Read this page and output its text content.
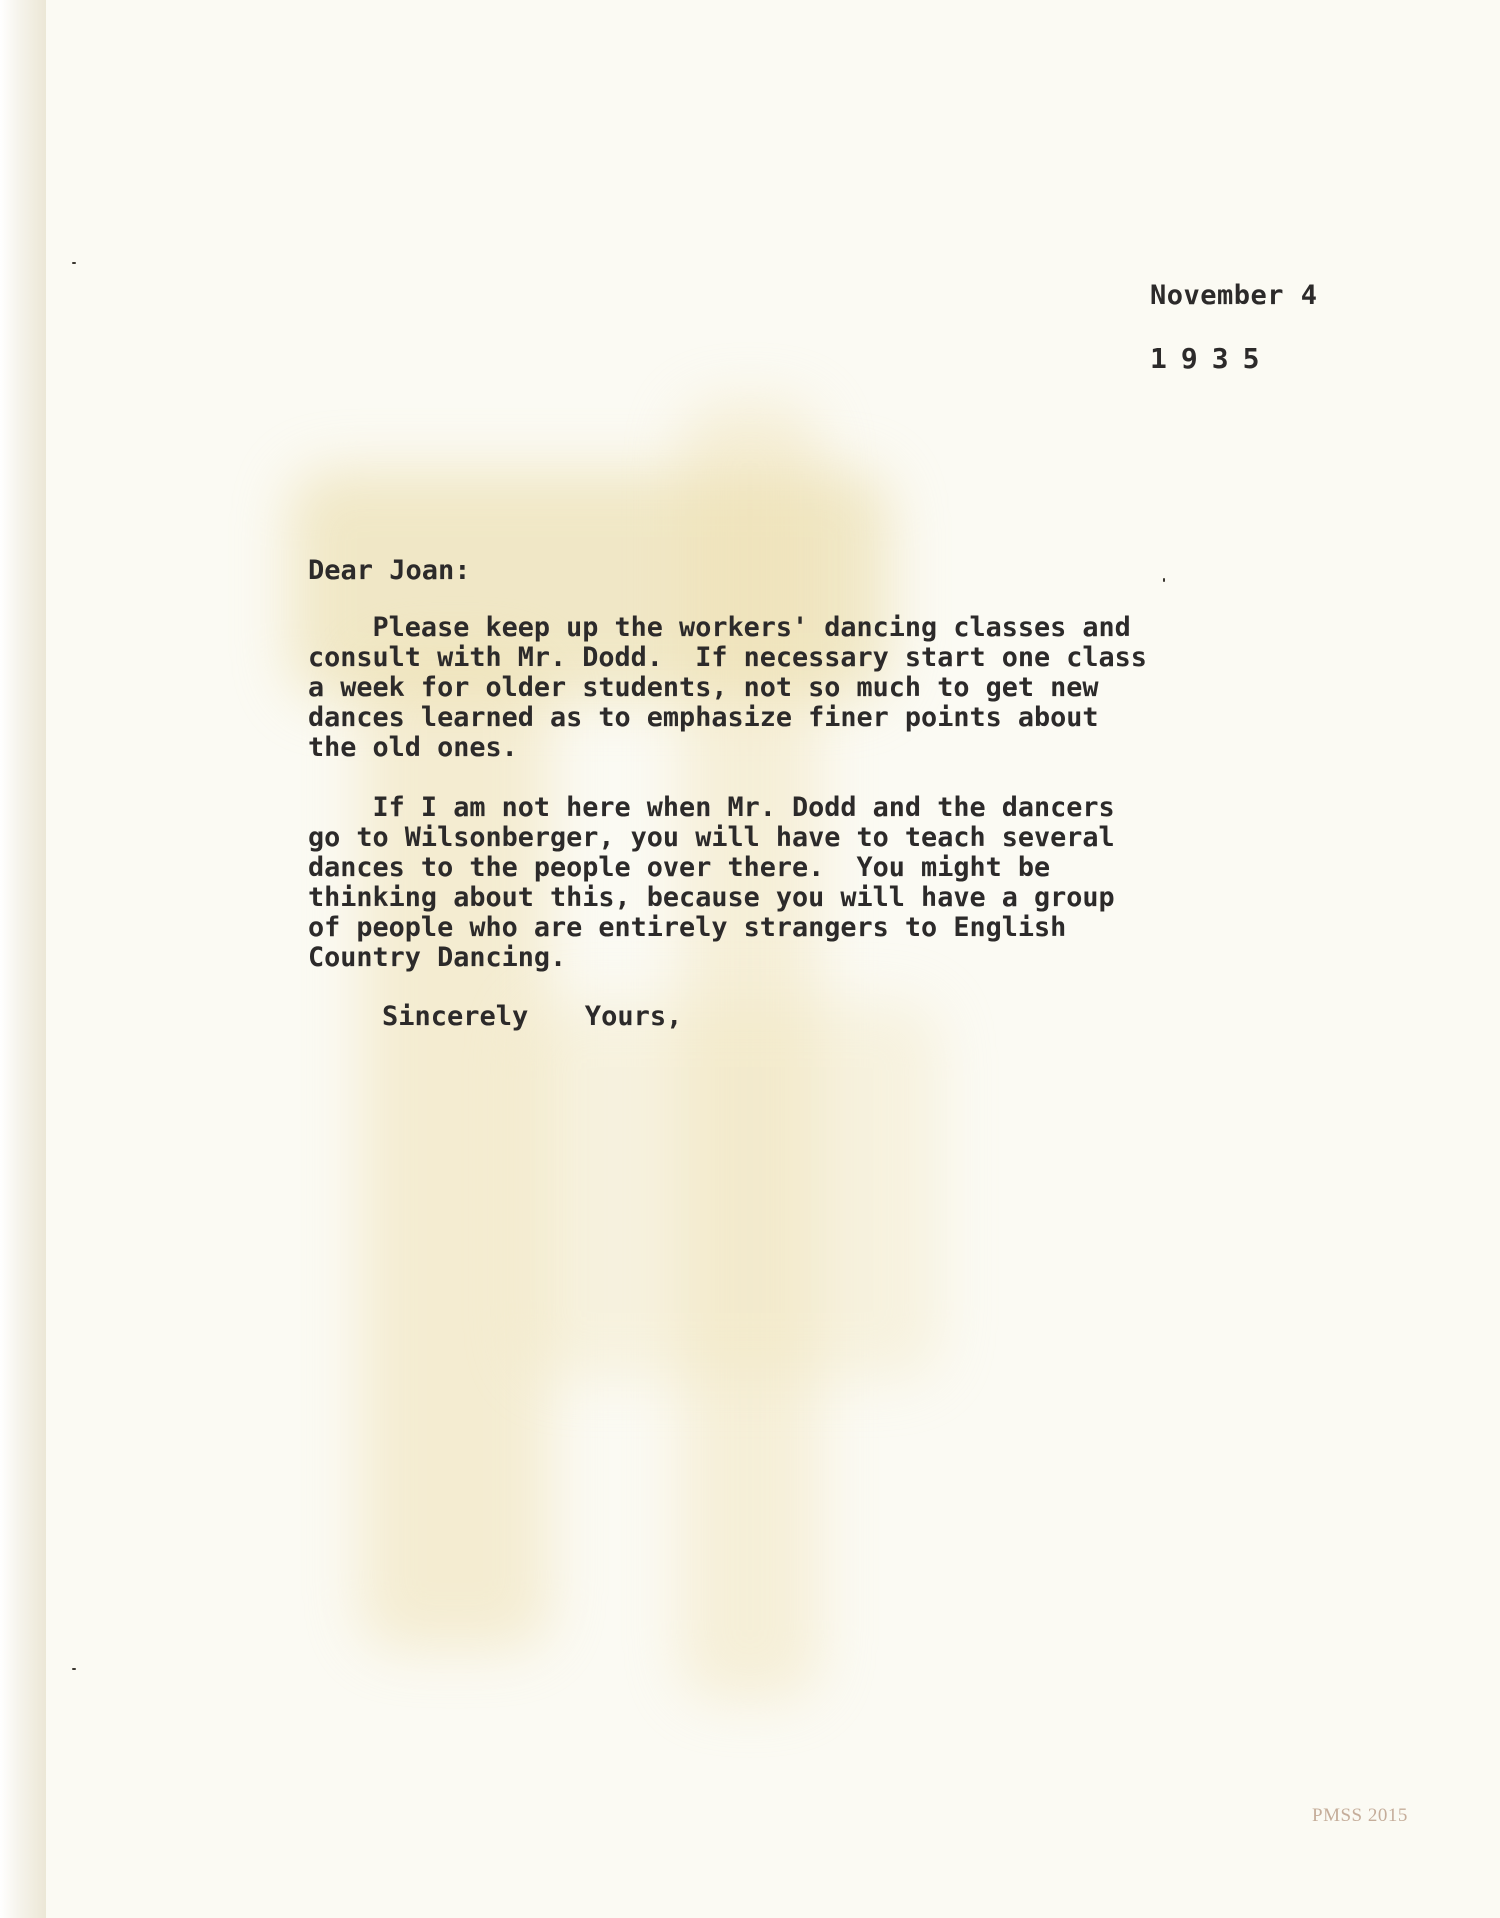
November 4

1935

Dear Joan:

Please keep up the workers' dancing classes and
consult with Mr. Dodd.  If necessary start one class
a week for older students, not so much to get new
dances learned as to emphasize finer points about
the old ones.

If I am not here when Mr. Dodd and the dancers
go to Wilsonberger, you will have to teach several
dances to the people over there.  You might be
thinking about this, because you will have a group
of people who are entirely strangers to English
Country Dancing.

Sincerely  Yours,

PMSS 2015
